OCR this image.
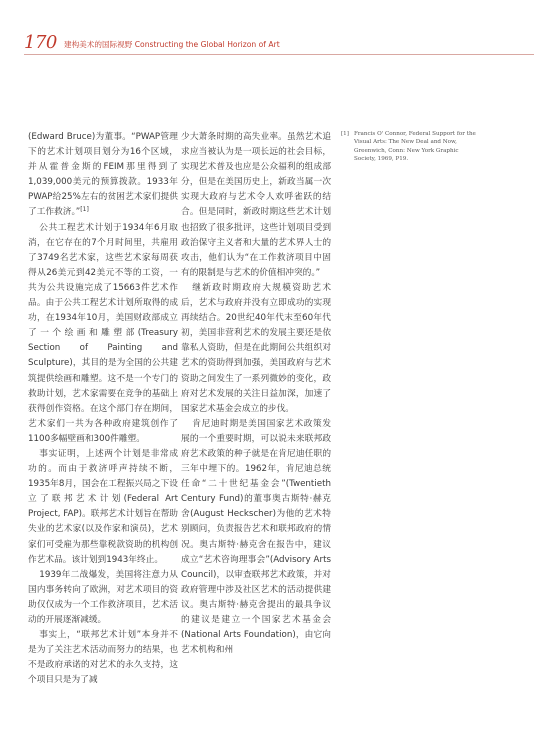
170 建构美术的国际视野 Constructing the Global Horizon of Art

(Edward Bruce)为董事。“PWAP管理下的艺术计划项目划分为16个区域，并从霍普金斯的FEIM那里得到了1,039,000美元的预算拨款。1933年PWAP给25%左右的贫困艺术家们提供了工作救济。”[1]

公共工程艺术计划于1934年6月取消，在它存在的7个月时间里，共雇用了3749名艺术家，这些艺术家每周获得从26美元到42美元不等的工资，一共为公共设施完成了15663件艺术作品。由于公共工程艺术计划所取得的成功，在1934年10月，美国财政部成立了一个绘画和雕塑部(Treasury Section of Painting and Sculpture)，其目的是为全国的公共建筑提供绘画和雕塑。这不是一个专门的救助计划，艺术家需要在竞争的基础上获得创作资格。在这个部门存在期间，艺术家们一共为各种政府建筑创作了1100多幅壁画和300件雕塑。

事实证明，上述两个计划是非常成功的。而由于救济呼声持续不断，1935年8月，国会在工程振兴局之下设立了联邦艺术计划(Federal Art Project, FAP)。联邦艺术计划旨在帮助失业的艺术家(以及作家和演员)，艺术家们可受雇为那些靠税款资助的机构创作艺术品。该计划到1943年终止。

1939年二战爆发，美国将注意力从国内事务转向了欧洲，对艺术项目的资助仅仅成为一个工作救济项目，艺术活动的开展逐渐减缓。

事实上，“联邦艺术计划”本身并不是为了关注艺术活动而努力的结果，也不是政府承诺的对艺术的永久支持，这个项目只是为了减

少大萧条时期的高失业率。虽然艺术追求应当被认为是一项长远的社会目标，实现艺术普及也应是公众福利的组成部分，但是在美国历史上，新政当属一次实现大政府与艺术令人欢呼雀跃的结合。但是同时，新政时期这些艺术计划也招致了很多批评，这些计划项目受到政治保守主义者和大量的艺术界人士的攻击，他们认为“在工作救济项目中固有的限制是与艺术的价值相冲突的。”

继新政时期政府大规模资助艺术后，艺术与政府并没有立即成功的实现再续结合。20世纪40年代末至60年代初，美国非营利艺术的发展主要还是依靠私人资助，但是在此期间公共组织对艺术的资助得到加强，美国政府与艺术资助之间发生了一系列微妙的变化，政府对艺术发展的关注日益加深，加速了国家艺术基金会成立的步伐。

肯尼迪时期是美国国家艺术政策发展的一个重要时期，可以说未来联邦政府艺术政策的种子就是在肯尼迪任职的三年中埋下的。1962年，肯尼迪总统任命“二十世纪基金会”(Twentieth Century Fund)的董事奥古斯特·赫克舍(August Heckscher)为他的艺术特别顾问，负责报告艺术和联邦政府的情况。奥古斯特·赫克舍在报告中，建议成立“艺术咨询理事会”(Advisory Arts Council)，以审查联邦艺术政策，并对政府管理中涉及社区艺术的活动提供建议。奥古斯特·赫克舍提出的最具争议的建议是建立一个国家艺术基金会(National Arts Foundation)，由它向艺术机构和州

[1] Francis O' Connor, Federal Support for the Visual Arts: The New Deal and Now, Greenwich, Conn: New York Graphic Society, 1969, P19.
